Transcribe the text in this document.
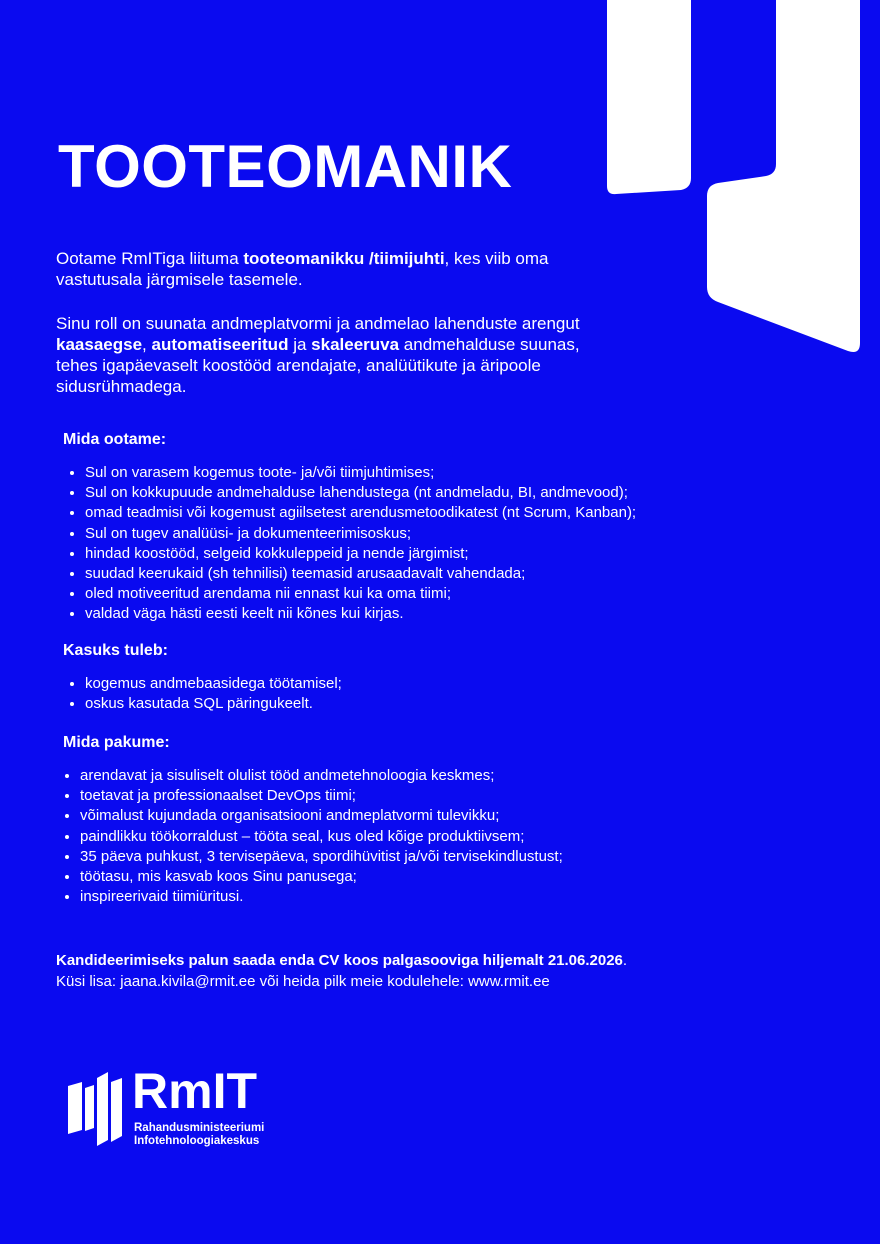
TOOTEOMANIK

Ootame RmITiga liituma tooteomanikku /tiimijuhti, kes viib oma vastutusala järgmisele tasemele.

Sinu roll on suunata andmeplatvormi ja andmelao lahenduste arengut kaasaegse, automatiseeritud ja skaleeruva andmehalduse suunas, tehes igapäevaselt koostööd arendajate, analüütikute ja äripoole sidusrühmadega.

Mida ootame:
• Sul on varasem kogemus toote- ja/või tiimjuhtimises;
• Sul on kokkupuude andmehalduse lahendustega (nt andmeladu, BI, andmevood);
• omad teadmisi või kogemust agiilsetest arendusmetoodikatest (nt Scrum, Kanban);
• Sul on tugev analüüsi- ja dokumenteerimisoskus;
• hindad koostööd, selgeid kokkuleppeid ja nende järgimist;
• suudad keerukaid (sh tehnilisi) teemasid arusaadavalt vahendada;
• oled motiveeritud arendama nii ennast kui ka oma tiimi;
• valdad väga hästi eesti keelt nii kõnes kui kirjas.
Kasuks tuleb:
• kogemus andmebaasidega töötamisel;
• oskus kasutada SQL päringukeelt.
Mida pakume:
• arendavat ja sisuliselt olulist tööd andmetehnoloogia keskmes;
• toetavat ja professionaalset DevOps tiimi;
• võimalust kujundada organisatsiooni andmeplatvormi tulevikku;
• paindlikku töökorraldust – tööta seal, kus oled kõige produktiivsem;
• 35 päeva puhkust, 3 tervisepäeva, spordihüvitist ja/või tervisekindlustust;
• töötasu, mis kasvab koos Sinu panusega;
• inspireerivaid tiimiüritusi.

Kandideerimiseks palun saada enda CV koos palgasooviga hiljemalt 21.06.2026.
Küsi lisa: jaana.kivila@rmit.ee või heida pilk meie kodulehele: www.rmit.ee

RmIT
Rahandusministeeriumi
Infotehnoloogiakeskus
